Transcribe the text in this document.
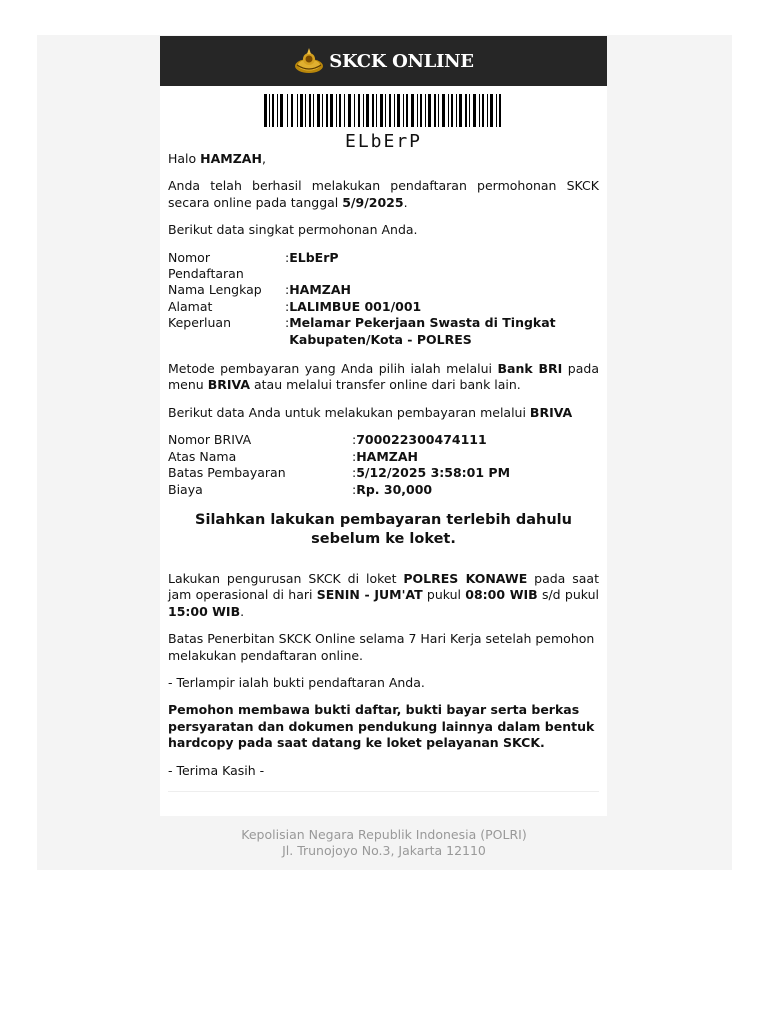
SKCK ONLINE
ELbErP

Halo HAMZAH,

Anda telah berhasil melakukan pendaftaran permohonan SKCK secara online pada tanggal 5/9/2025.

Berikut data singkat permohonan Anda.

Nomor Pendaftaran	:	ELbErP
Nama Lengkap	:	HAMZAH
Alamat	:	LALIMBUE 001/001
Keperluan	:	Melamar Pekerjaan Swasta di Tingkat Kabupaten/Kota - POLRES

Metode pembayaran yang Anda pilih ialah melalui Bank BRI pada menu BRIVA atau melalui transfer online dari bank lain.

Berikut data Anda untuk melakukan pembayaran melalui BRIVA

Nomor BRIVA	:	700022300474111
Atas Nama	:	HAMZAH
Batas Pembayaran	:	5/12/2025 3:58:01 PM
Biaya	:	Rp. 30,000
Silahkan lakukan pembayaran terlebih dahulu sebelum ke loket.

Lakukan pengurusan SKCK di loket POLRES KONAWE pada saat jam operasional di hari SENIN - JUM'AT pukul 08:00 WIB s/d pukul 15:00 WIB.

Batas Penerbitan SKCK Online selama 7 Hari Kerja setelah pemohon melakukan pendaftaran online.

- Terlampir ialah bukti pendaftaran Anda.

Pemohon membawa bukti daftar, bukti bayar serta berkas persyaratan dan dokumen pendukung lainnya dalam bentuk hardcopy pada saat datang ke loket pelayanan SKCK.

- Terima Kasih -

Kepolisian Negara Republik Indonesia (POLRI)
Jl. Trunojoyo No.3, Jakarta 12110
